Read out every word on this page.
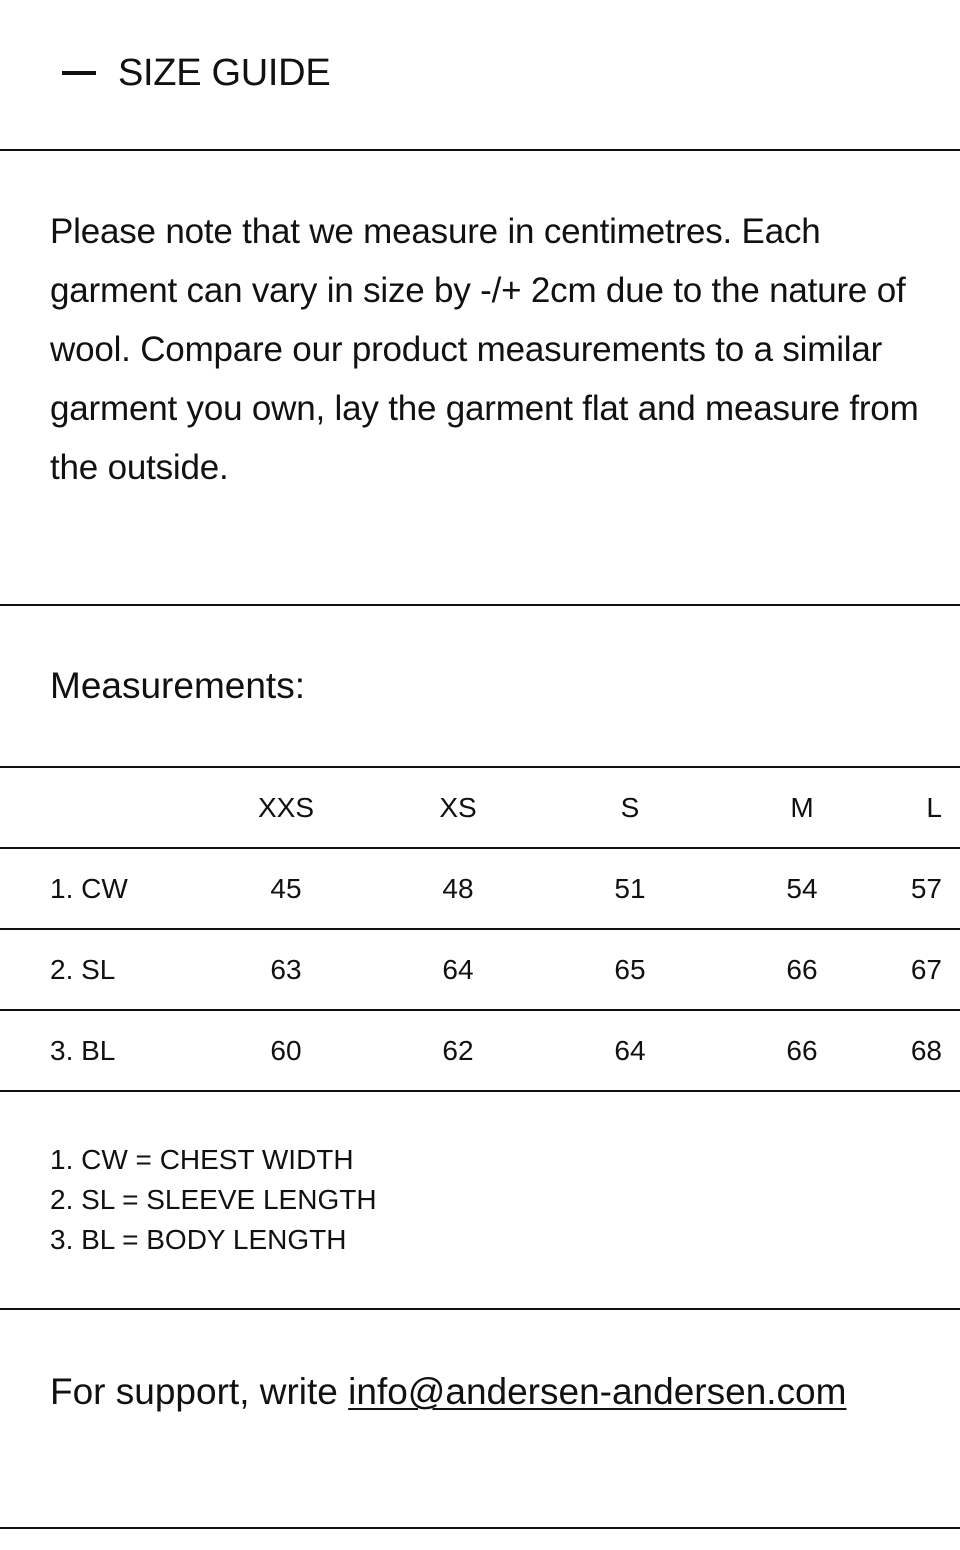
SIZE GUIDE

Please note that we measure in centimetres. Each garment can vary in size by -/+ 2cm due to the nature of wool. Compare our product measurements to a similar garment you own, lay the garment flat and measure from the outside.

Measurements:
	XXS	XS	S	M	L
1. CW	45	48	51	54	57
2. SL	63	64	65	66	67
3. BL	60	62	64	66	68
1. CW = CHEST WIDTH
2. SL = SLEEVE LENGTH
3. BL = BODY LENGTH

For support, write info@andersen-andersen.com
